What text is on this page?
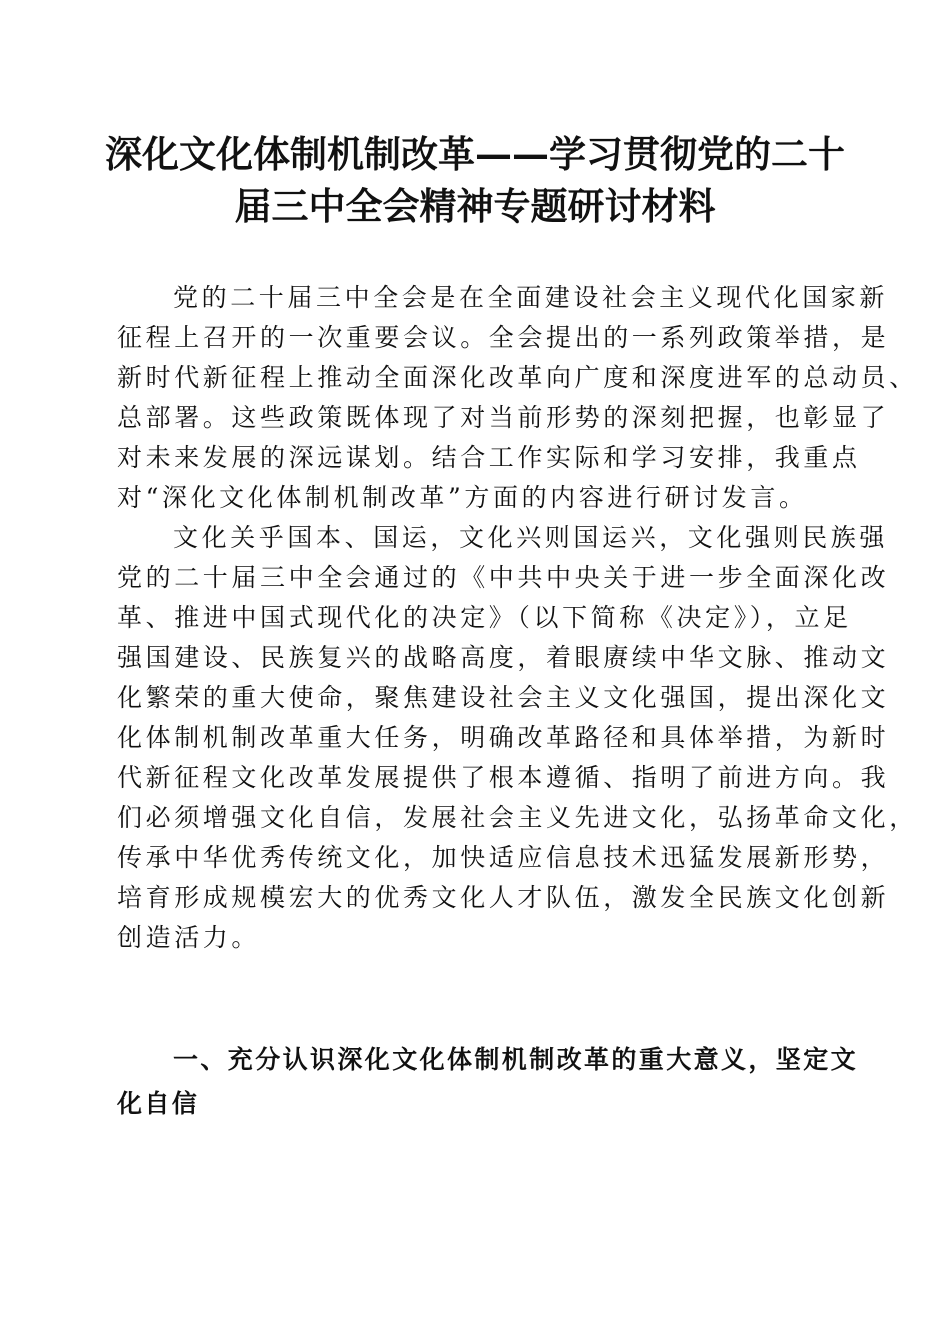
深化文化体制机制改革——学习贯彻党的二十
届三中全会精神专题研讨材料
党的二十届三中全会是在全面建设社会主义现代化国家新
征程上召开的一次重要会议。全会提出的一系列政策举措，是
新时代新征程上推动全面深化改革向广度和深度进军的总动员、
总部署。这些政策既体现了对当前形势的深刻把握，也彰显了
对未来发展的深远谋划。结合工作实际和学习安排，我重点
对“深化文化体制机制改革”方面的内容进行研讨发言。
文化关乎国本、国运，文化兴则国运兴，文化强则民族强
党的二十届三中全会通过的《中共中央关于进一步全面深化改
革、推进中国式现代化的决定》（以下简称《决定》），立足
强国建设、民族复兴的战略高度，着眼赓续中华文脉、推动文
化繁荣的重大使命，聚焦建设社会主义文化强国，提出深化文
化体制机制改革重大任务，明确改革路径和具体举措，为新时
代新征程文化改革发展提供了根本遵循、指明了前进方向。我
们必须增强文化自信，发展社会主义先进文化，弘扬革命文化，
传承中华优秀传统文化，加快适应信息技术迅猛发展新形势，
培育形成规模宏大的优秀文化人才队伍，激发全民族文化创新
创造活力。
一、充分认识深化文化体制机制改革的重大意义，坚定文
化自信
